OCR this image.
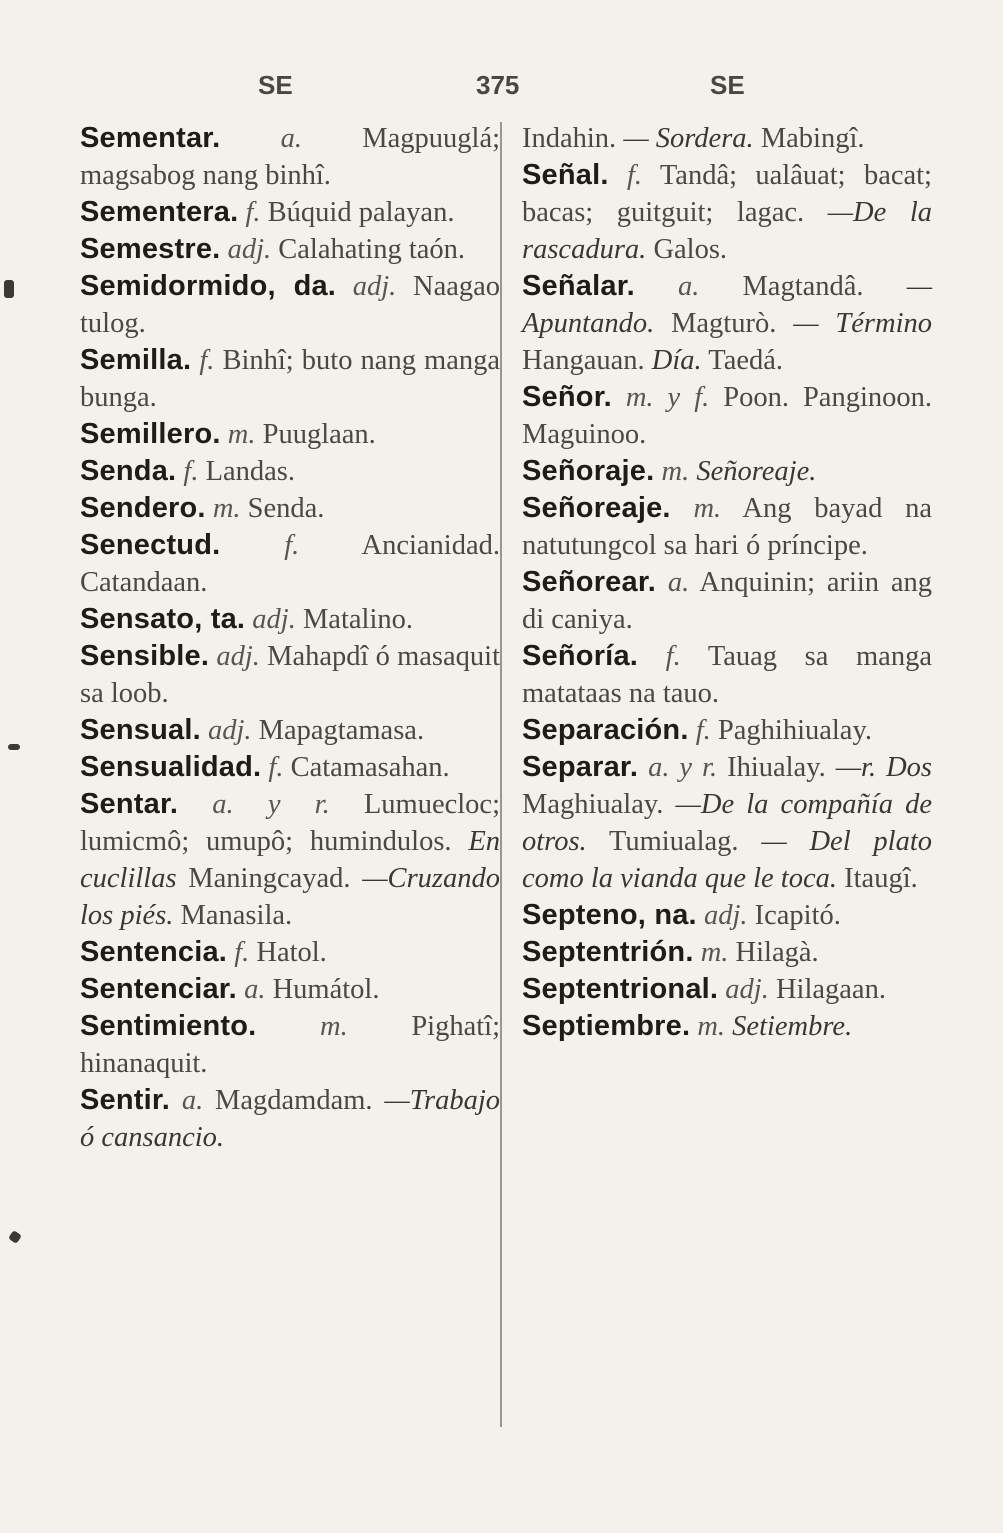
SE	375	SE

Sementar. a. Magpuuglá; magsabog nang binhî.

Sementera. f. Búquid palayan.

Semestre. adj. Calahating taón.

Semidormido, da. adj. Naagao tulog.

Semilla. f. Binhî; buto nang manga bunga.

Semillero. m. Puuglaan.

Senda. f. Landas.

Sendero. m. Senda.

Senectud. f. Ancianidad. Catandaan.

Sensato, ta. adj. Matalino.

Sensible. adj. Mahapdî ó masaquit sa loob.

Sensual. adj. Mapagtamasa.

Sensualidad. f. Catamasahan.

Sentar. a. y r. Lumuecloc; lumicmô; umupô; humindulos. En cuclillas Maningcayad. —Cruzando los piés. Manasila.

Sentencia. f. Hatol.

Sentenciar. a. Humátol.

Sentimiento. m. Pighatî; hinanaquit.

Sentir. a. Magdamdam. —Trabajo ó cansancio.

Indahin. — Sordera. Mabingî.

Señal. f. Tandâ; ualâuat; bacat; bacas; guitguit; lagac. —De la rascadura. Galos.

Señalar. a. Magtandâ. — Apuntando. Magturò. — Término Hangauan. Día. Taedá.

Señor. m. y f. Poon. Panginoon. Maguinoo.

Señoraje. m. Señoreaje.

Señoreaje. m. Ang bayad na natutungcol sa hari ó príncipe.

Señorear. a. Anquinin; ariin ang di caniya.

Señoría. f. Tauag sa manga matataas na tauo.

Separación. f. Paghihiualay.

Separar. a. y r. Ihiualay. —r. Dos Maghiualay. —De la compañía de otros. Tumiualag. — Del plato como la vianda que le toca. Itaugî.

Septeno, na. adj. Icapitó.

Septentrión. m. Hilagà.

Septentrional. adj. Hilagaan.

Septiembre. m. Setiembre.
